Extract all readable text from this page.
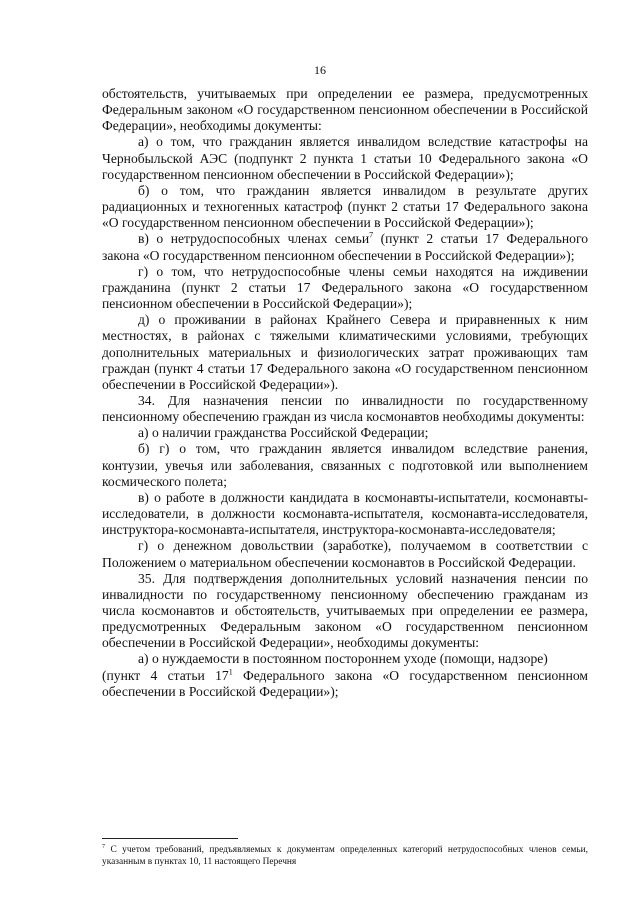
16

обстоятельств, учитываемых при определении ее размера, предусмотренных Федеральным законом «О государственном пенсионном обеспечении в Российской Федерации», необходимы документы:

а) о том, что гражданин является инвалидом вследствие катастрофы на Чернобыльской АЭС (подпункт 2 пункта 1 статьи 10 Федерального закона «О государственном пенсионном обеспечении в Российской Федерации»);

б) о том, что гражданин является инвалидом в результате других радиационных и техногенных катастроф (пункт 2 статьи 17 Федерального закона «О государственном пенсионном обеспечении в Российской Федерации»);

в) о нетрудоспособных членах семьи$^7$ (пункт 2 статьи 17 Федерального закона «О государственном пенсионном обеспечении в Российской Федерации»);

г) о том, что нетрудоспособные члены семьи находятся на иждивении гражданина (пункт 2 статьи 17 Федерального закона «О государственном пенсионном обеспечении в Российской Федерации»);

д) о проживании в районах Крайнего Севера и приравненных к ним местностях, в районах с тяжелыми климатическими условиями, требующих дополнительных материальных и физиологических затрат проживающих там граждан (пункт 4 статьи 17 Федерального закона «О государственном пенсионном обеспечении в Российской Федерации»).

34. Для назначения пенсии по инвалидности по государственному пенсионному обеспечению граждан из числа космонавтов необходимы документы:

а) о наличии гражданства Российской Федерации;

б) г) о том, что гражданин является инвалидом вследствие ранения, контузии, увечья или заболевания, связанных с подготовкой или выполнением космического полета;

в) о работе в должности кандидата в космонавты-испытатели, космонавты-исследователи, в должности космонавта-испытателя, космонавта-исследователя, инструктора-космонавта-испытателя, инструктора-космонавта-исследователя;

г) о денежном довольствии (заработке), получаемом в соответствии с Положением о материальном обеспечении космонавтов в Российской Федерации.

35. Для подтверждения дополнительных условий назначения пенсии по инвалидности по государственному пенсионному обеспечению гражданам из числа космонавтов и обстоятельств, учитываемых при определении ее размера, предусмотренных Федеральным законом «О государственном пенсионном обеспечении в Российской Федерации», необходимы документы:

а) о нуждаемости в постоянном постороннем уходе (помощи, надзоре)

(пункт 4 статьи $17^1$ Федерального закона «О государственном пенсионном обеспечении в Российской Федерации»);

$^7$ С учетом требований, предъявляемых к документам определенных категорий нетрудоспособных членов семьи, указанным в пунктах 10, 11 настоящего Перечня
